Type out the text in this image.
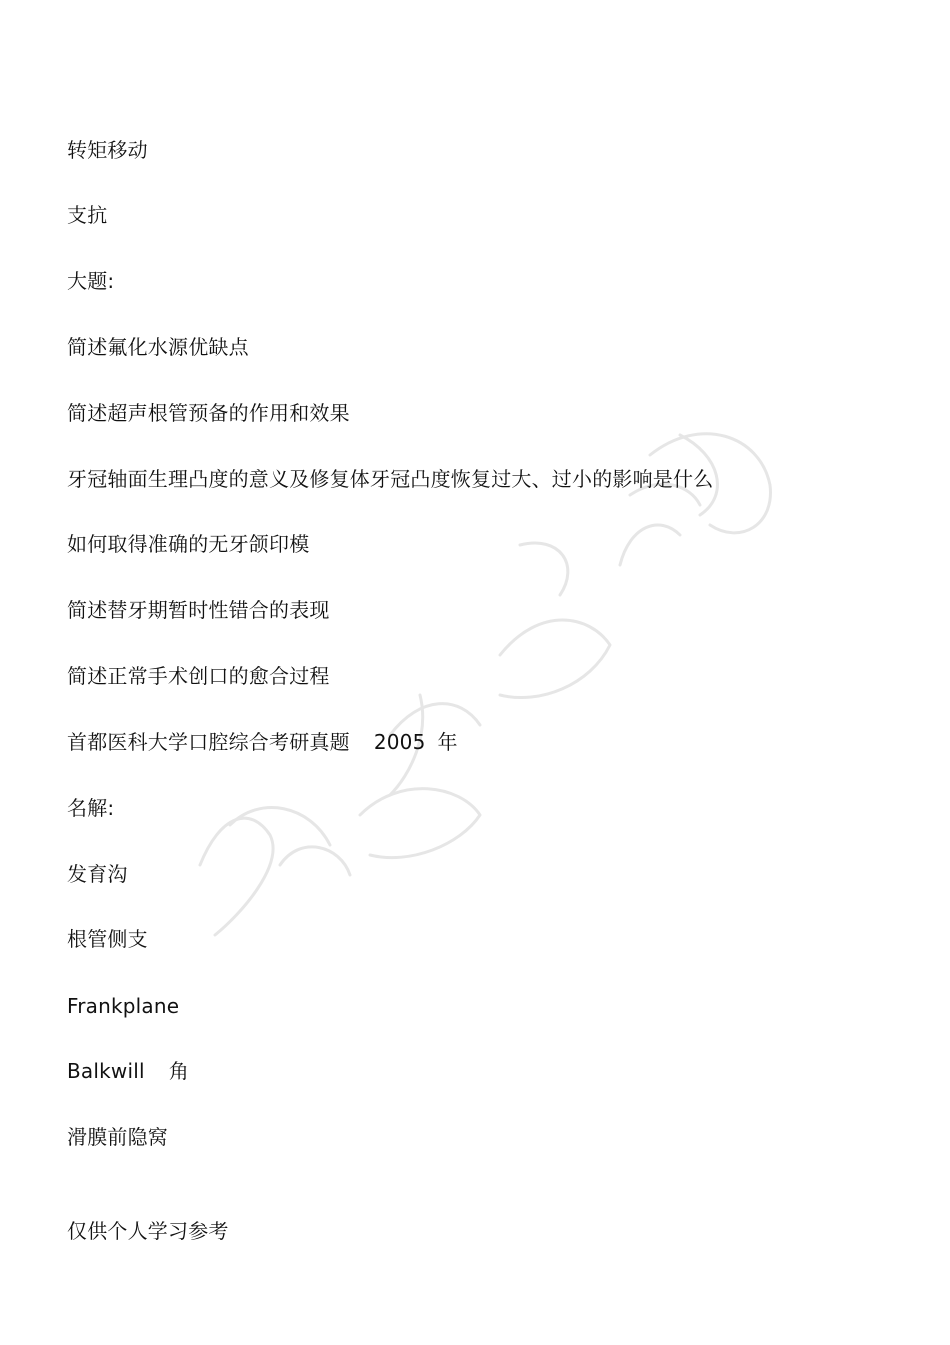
转矩移动
支抗
大题:
简述氟化水源优缺点
简述超声根管预备的作用和效果
牙冠轴面生理凸度的意义及修复体牙冠凸度恢复过大、过小的影响是什么
如何取得准确的无牙颌印模
简述替牙期暂时性错合的表现
简述正常手术创口的愈合过程
首都医科大学口腔综合考研真题 2005 年
名解:
发育沟
根管侧支
Frankplane
Balkwill 角
滑膜前隐窝
仅供个人学习参考
